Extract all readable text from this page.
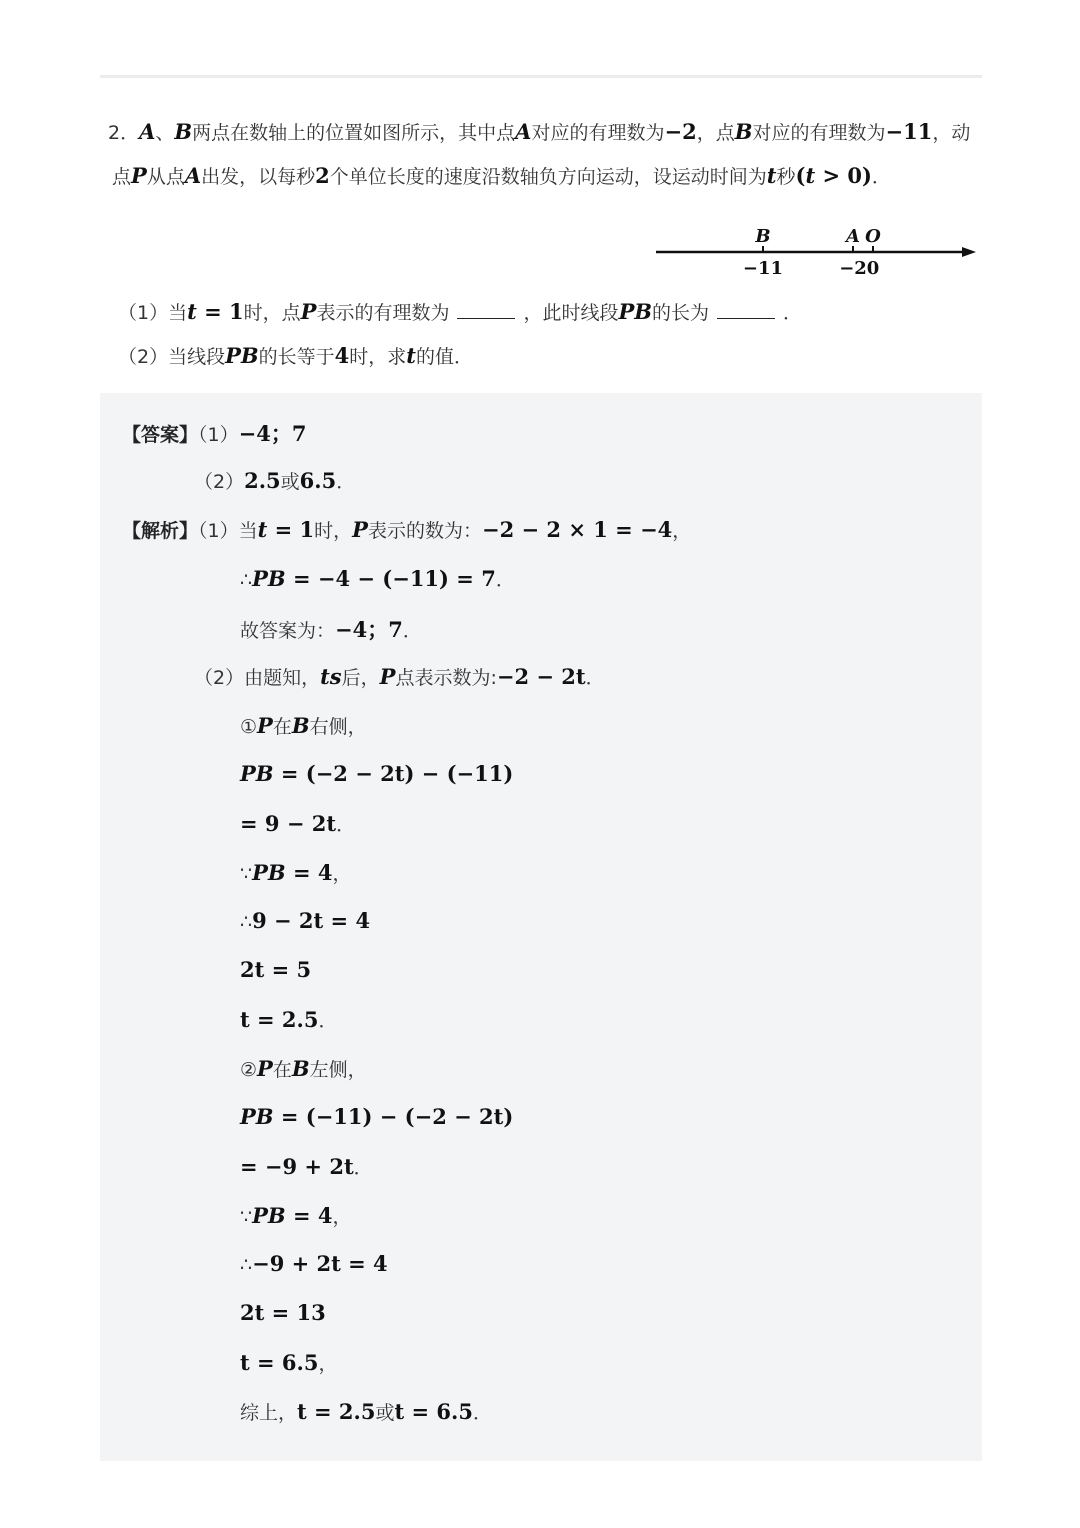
2．A、B两点在数轴上的位置如图所示，其中点A对应的有理数为−2，点B对应的有理数为−11，动
点P从点A出发，以每秒2个单位长度的速度沿数轴负方向运动，设运动时间为t秒(t > 0)．
（1）当t = 1时，点P表示的有理数为	，此时线段PB的长为	．
（2）当线段PB的长等于4时，求t的值．
B
−11
A
−2
O
0
【答案】（1）−4；7
（2）2.5或6.5．
【解析】（1）当t = 1时，P表示的数为：−2 − 2 × 1 = −4，
∴PB = −4 − (−11) = 7．
故答案为：−4；7．
（2）由题知，ts后，P点表示数为:−2 − 2t．
①P在B右侧，
PB = (−2 − 2t) − (−11)
= 9 − 2t．
∵PB = 4，
∴9 − 2t = 4
2t = 5
t = 2.5．
②P在B左侧，
PB = (−11) − (−2 − 2t)
= −9 + 2t．
∵PB = 4，
∴−9 + 2t = 4
2t = 13
t = 6.5，
综上，t = 2.5或t = 6.5．
